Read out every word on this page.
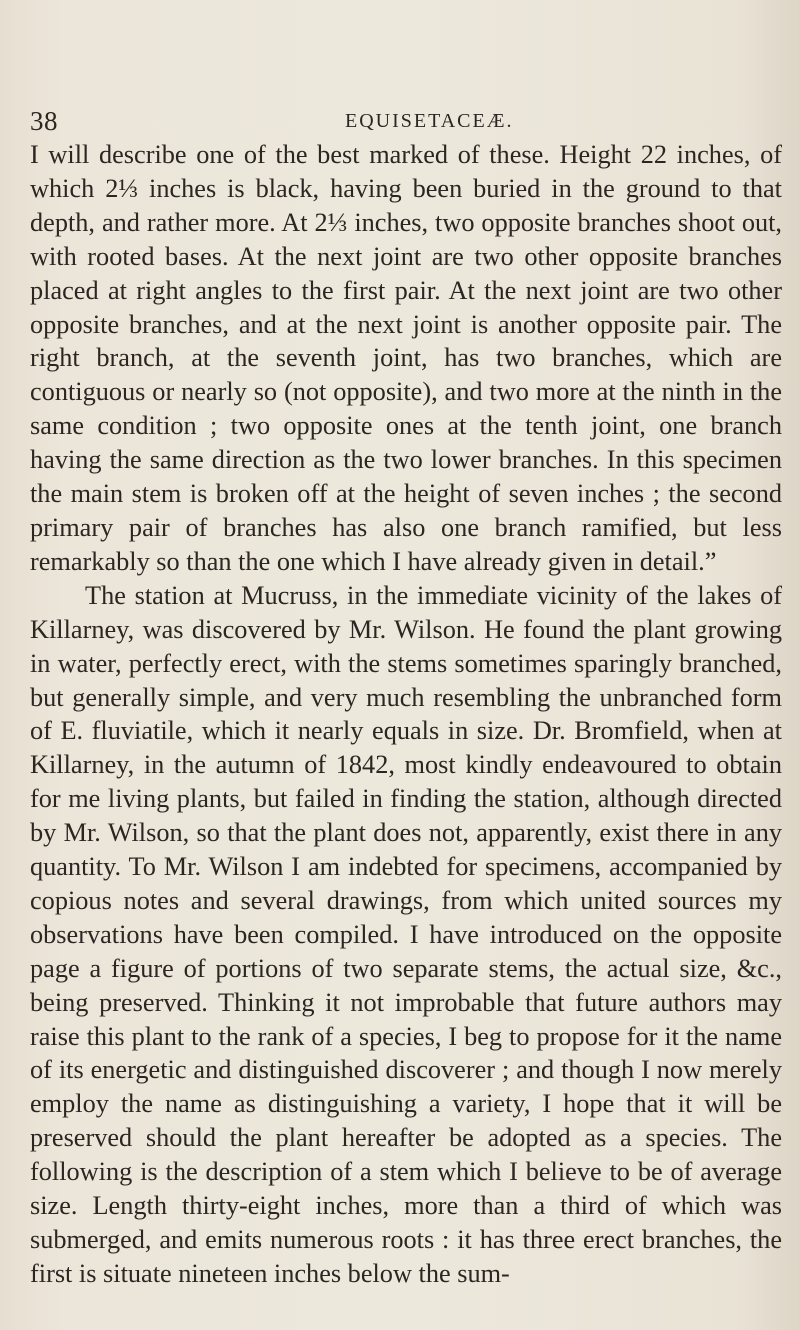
38	EQUISETACEÆ.

I will describe one of the best marked of these. Height 22 inches, of which 2⅓ inches is black, having been buried in the ground to that depth, and rather more. At 2⅓ inches, two opposite branches shoot out, with rooted bases. At the next joint are two other opposite branches placed at right angles to the first pair. At the next joint are two other opposite branches, and at the next joint is another opposite pair. The right branch, at the seventh joint, has two branches, which are contiguous or nearly so (not opposite), and two more at the ninth in the same condition ; two opposite ones at the tenth joint, one branch having the same direction as the two lower branches. In this specimen the main stem is broken off at the height of seven inches ; the second primary pair of branches has also one branch ramified, but less remarkably so than the one which I have already given in detail.”

The station at Mucruss, in the immediate vicinity of the lakes of Killarney, was discovered by Mr. Wilson. He found the plant growing in water, perfectly erect, with the stems sometimes sparingly branched, but generally simple, and very much resembling the unbranched form of E. fluviatile, which it nearly equals in size. Dr. Bromfield, when at Killarney, in the autumn of 1842, most kindly endeavoured to obtain for me living plants, but failed in finding the station, although directed by Mr. Wilson, so that the plant does not, apparently, exist there in any quantity. To Mr. Wilson I am indebted for specimens, accompanied by copious notes and several drawings, from which united sources my observations have been compiled. I have introduced on the opposite page a figure of portions of two separate stems, the actual size, &c., being preserved. Thinking it not improbable that future authors may raise this plant to the rank of a species, I beg to propose for it the name of its energetic and distinguished discoverer ; and though I now merely employ the name as distinguishing a variety, I hope that it will be preserved should the plant hereafter be adopted as a species. The following is the description of a stem which I believe to be of average size. Length thirty-eight inches, more than a third of which was submerged, and emits numerous roots : it has three erect branches, the first is situate nineteen inches below the sum-
